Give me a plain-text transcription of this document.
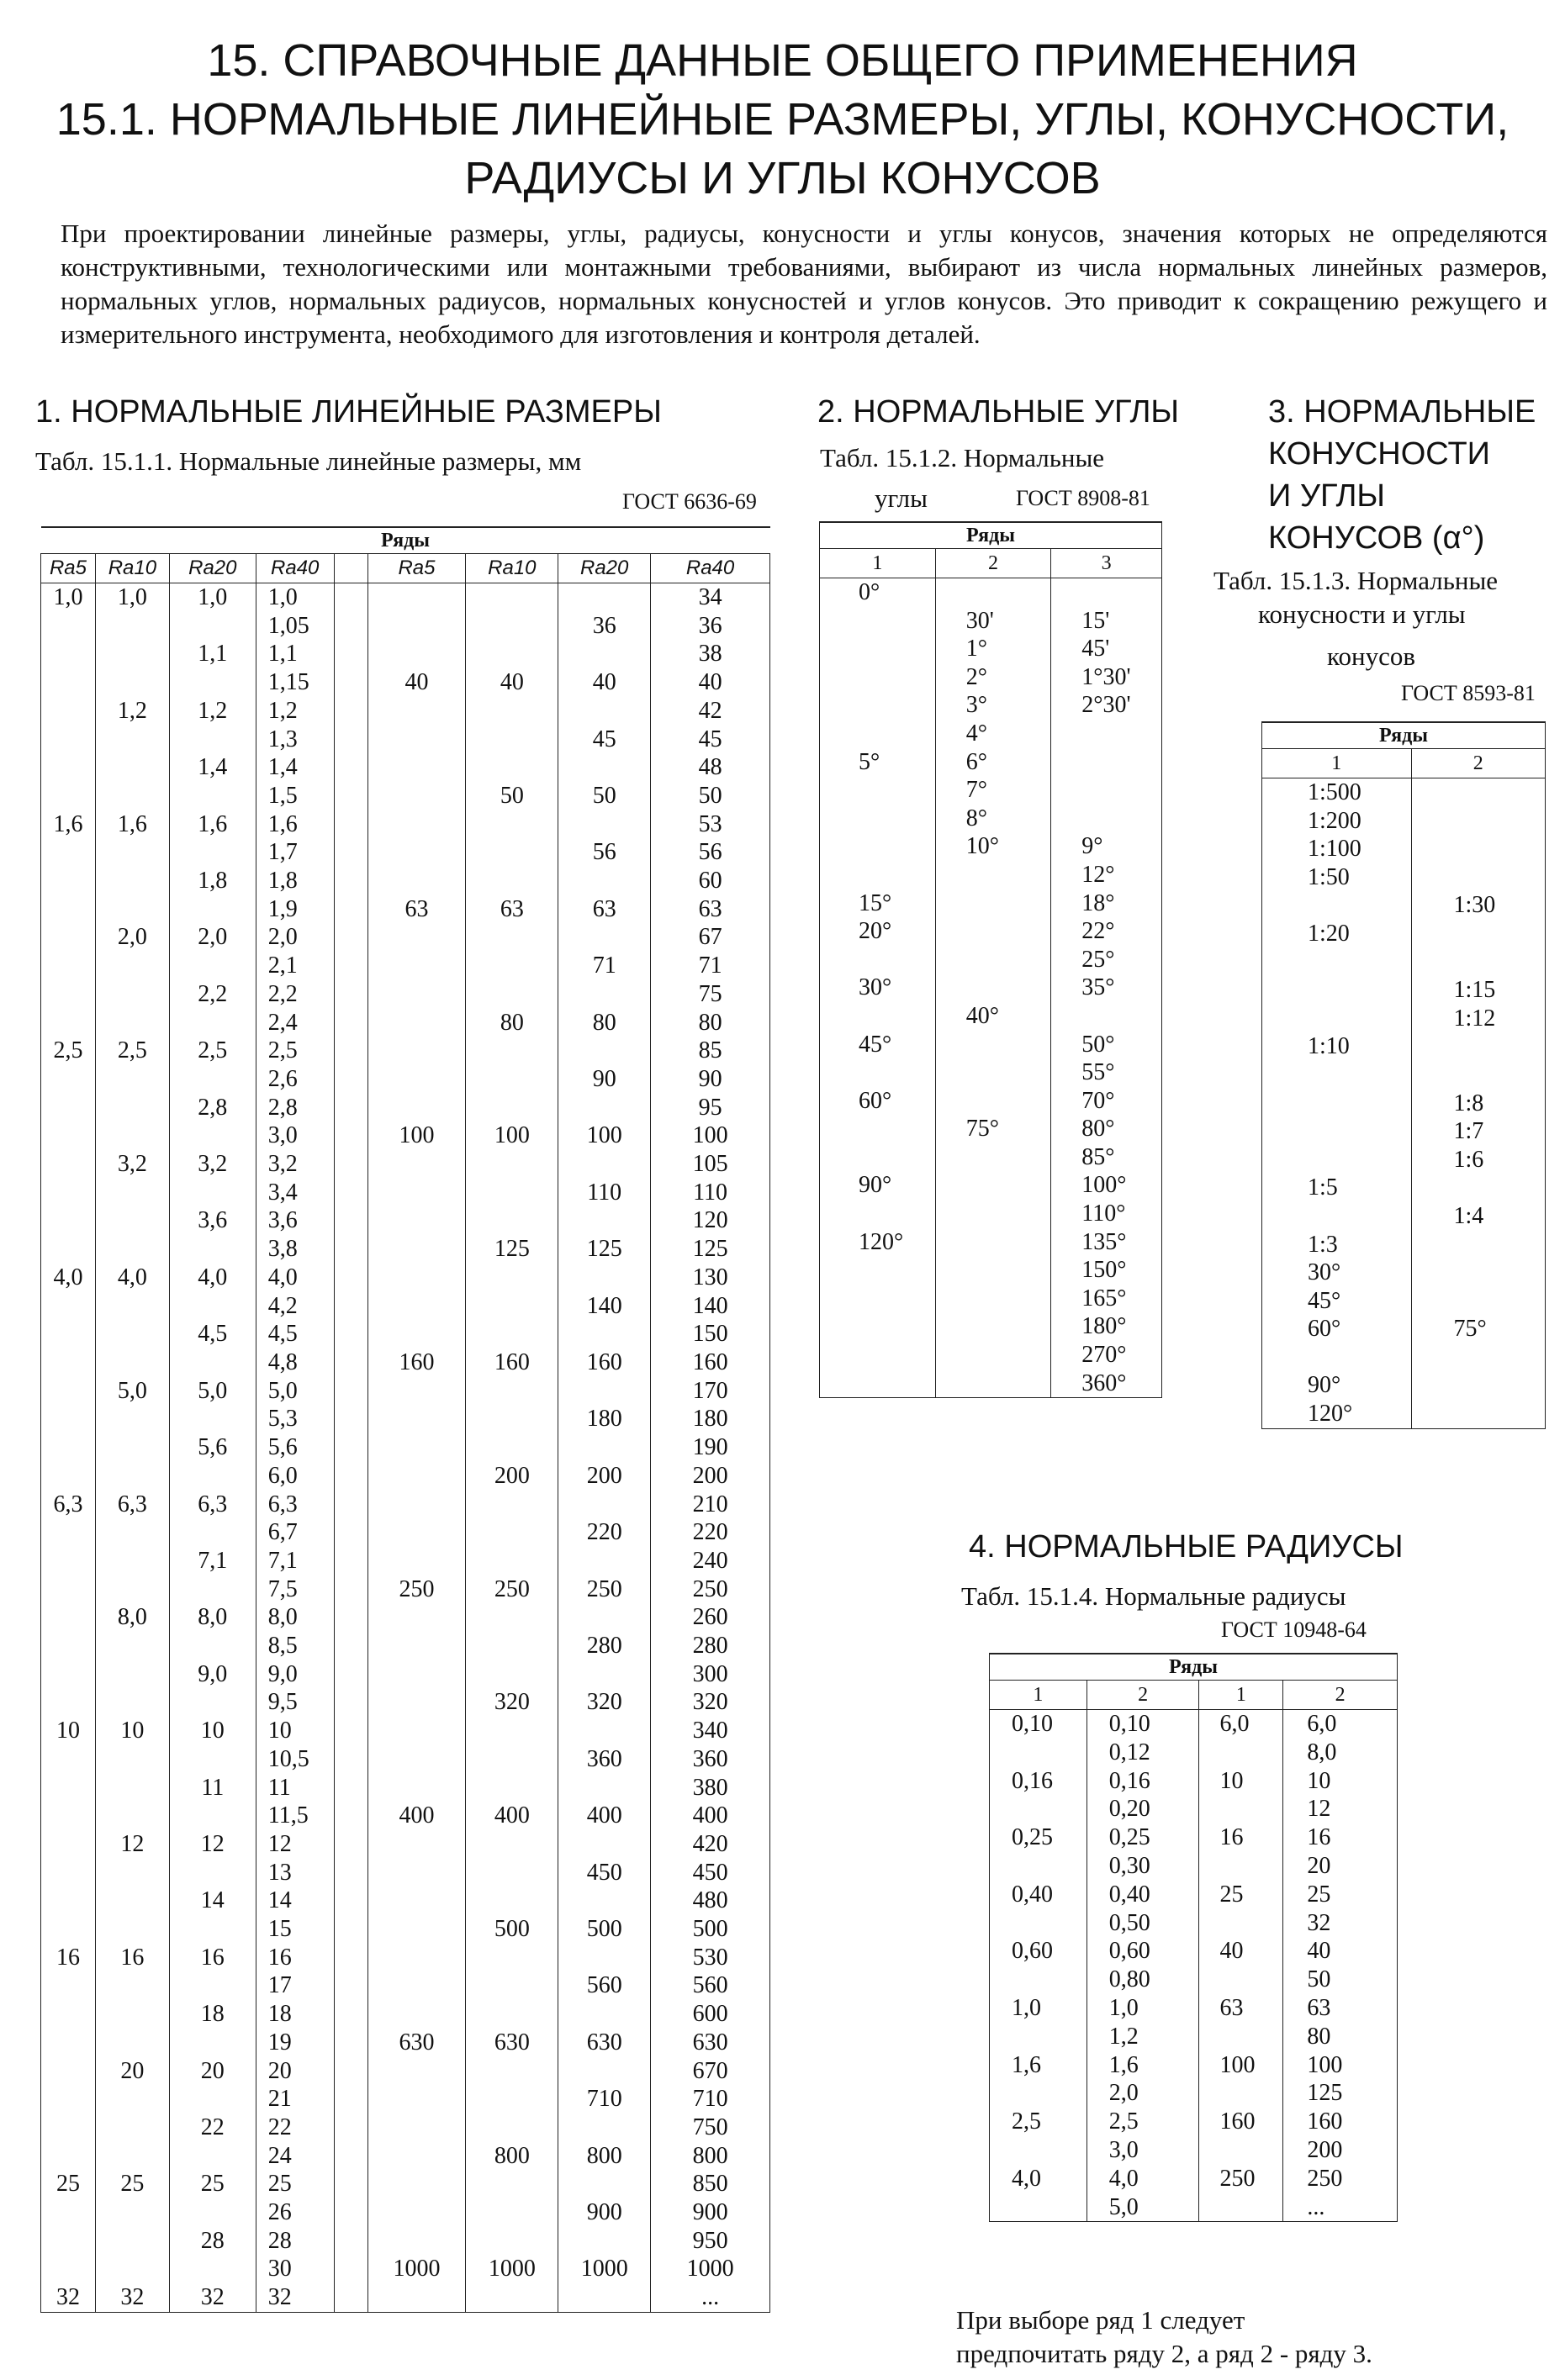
15. СПРАВОЧНЫЕ ДАННЫЕ ОБЩЕГО ПРИМЕНЕНИЯ
15.1. НОРМАЛЬНЫЕ ЛИНЕЙНЫЕ РАЗМЕРЫ, УГЛЫ, КОНУСНОСТИ,
РАДИУСЫ И УГЛЫ КОНУСОВ
При проектировании линейные размеры, углы, радиусы, конусности и углы конусов, значения которых не определяются конструктивными, технологическими или монтажными требованиями, выбирают из числа нормальных линейных размеров, нормальных углов, нормальных радиусов, нормальных конусностей и углов конусов. Это приводит к сокращению режущего и измерительного инструмента, необходимого для изготовления и контроля деталей.
1. НОРМАЛЬНЫЕ ЛИНЕЙНЫЕ РАЗМЕРЫ
Табл. 15.1.1. Нормальные линейные размеры, мм
ГОСТ 6636-69
Ряды								
Ra5	Ra10	Ra20	Ra40		Ra5	Ra10	Ra20	Ra40
1,0	1,0	1,0	1,0					34
			1,05				36	36
		1,1	1,1					38
			1,15		40	40	40	40
	1,2	1,2	1,2					42
			1,3				45	45
		1,4	1,4					48
			1,5			50	50	50
1,6	1,6	1,6	1,6					53
			1,7				56	56
		1,8	1,8					60
			1,9		63	63	63	63
	2,0	2,0	2,0					67
			2,1				71	71
		2,2	2,2					75
			2,4			80	80	80
2,5	2,5	2,5	2,5					85
			2,6				90	90
		2,8	2,8					95
			3,0		100	100	100	100
	3,2	3,2	3,2					105
			3,4				110	110
		3,6	3,6					120
			3,8			125	125	125
4,0	4,0	4,0	4,0					130
			4,2				140	140
		4,5	4,5					150
			4,8		160	160	160	160
	5,0	5,0	5,0					170
			5,3				180	180
		5,6	5,6					190
			6,0			200	200	200
6,3	6,3	6,3	6,3					210
			6,7				220	220
		7,1	7,1					240
			7,5		250	250	250	250
	8,0	8,0	8,0					260
			8,5				280	280
		9,0	9,0					300
			9,5			320	320	320
10	10	10	10					340
			10,5				360	360
		11	11					380
			11,5		400	400	400	400
	12	12	12					420
			13				450	450
		14	14					480
			15			500	500	500
16	16	16	16					530
			17				560	560
		18	18					600
			19		630	630	630	630
	20	20	20					670
			21				710	710
		22	22					750
			24			800	800	800
25	25	25	25					850
			26				900	900
		28	28					950
			30		1000	1000	1000	1000
32	32	32	32					...
2. НОРМАЛЬНЫЕ УГЛЫ
Табл. 15.1.2. Нормальные
углы	ГОСТ 8908-81
Ряды		
1	2	3
0°		
	30'	15'
	1°	45'
	2°	1°30'
	3°	2°30'
	4°	
5°	6°	
	7°	
	8°	
	10°	9°
		12°
15°		18°
20°		22°
		25°
30°		35°
	40°	
45°		50°
		55°
60°		70°
	75°	80°
		85°
90°		100°
		110°
120°		135°
		150°
		165°
		180°
		270°
		360°
3. НОРМАЛЬНЫЕ
КОНУСНОСТИ
И УГЛЫ
КОНУСОВ (α°)
Табл. 15.1.3. Нормальные
конусности и углы
конусов
ГОСТ 8593-81
Ряды	
1	2
1:500	
1:200	
1:100	
1:50	
	1:30
1:20	

	1:15
	1:12
1:10	

	1:8
	1:7
	1:6
1:5	
	1:4
1:3	
30°	
45°	
60°	75°

90°	
120°	
4. НОРМАЛЬНЫЕ РАДИУСЫ
Табл. 15.1.4. Нормальные радиусы
ГОСТ 10948-64
Ряды			
1	2	1	2
0,10	0,10	6,0	6,0
	0,12		8,0
0,16	0,16	10	10
	0,20		12
0,25	0,25	16	16
	0,30		20
0,40	0,40	25	25
	0,50		32
0,60	0,60	40	40
	0,80		50
1,0	1,0	63	63
	1,2		80
1,6	1,6	100	100
	2,0		125
2,5	2,5	160	160
	3,0		200
4,0	4,0	250	250
	5,0		...
При выборе ряд 1 следует предпочитать ряду 2, а ряд 2 - ряду 3.
